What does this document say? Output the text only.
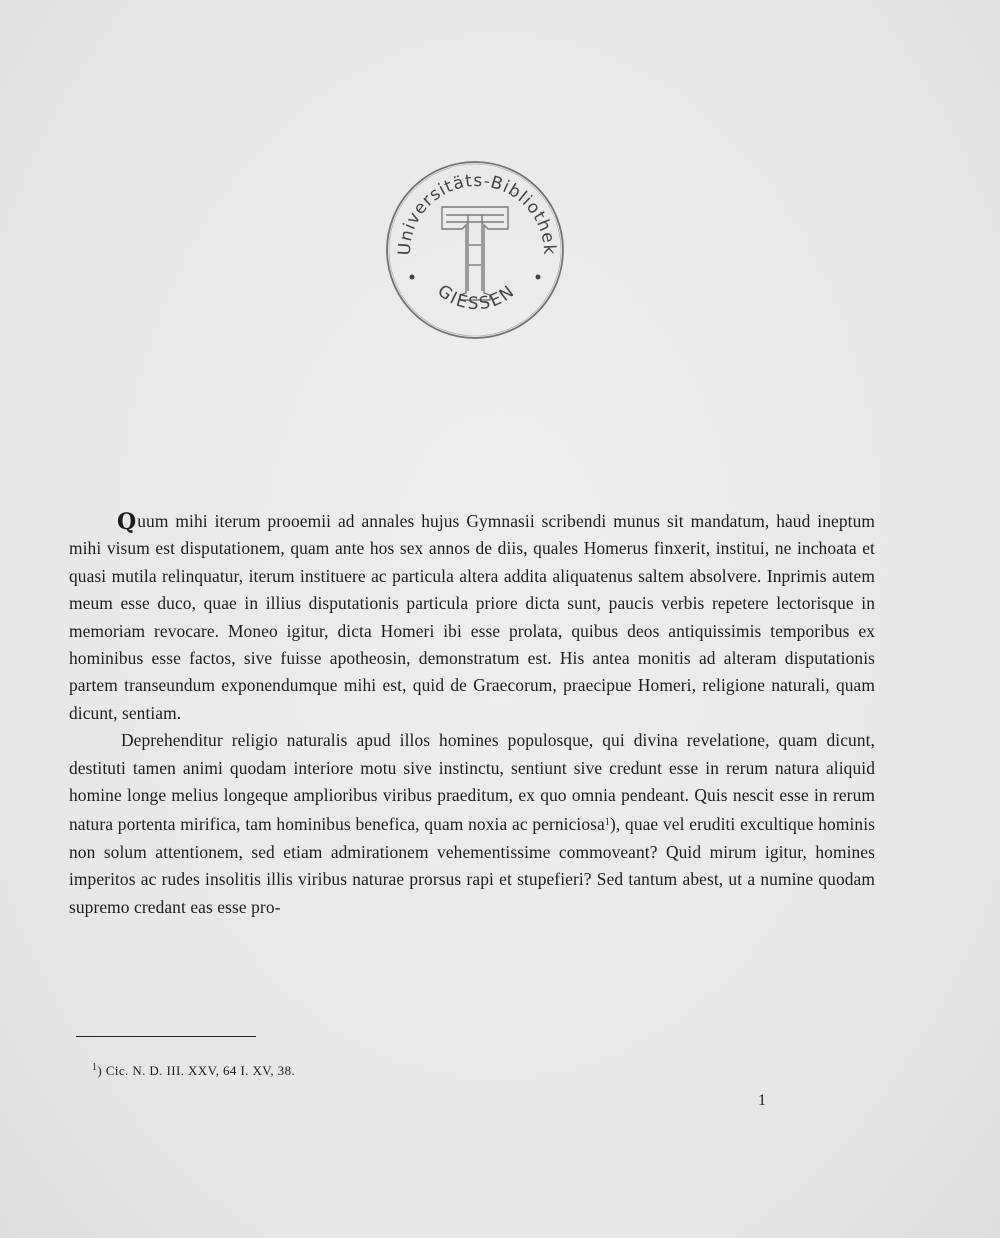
Universitäts-Bibliothek
GIESSEN

Quum mihi iterum prooemii ad annales hujus Gymnasii scribendi munus sit mandatum, haud ineptum mihi visum est disputationem, quam ante hos sex annos de diis, quales Homerus finxerit, institui, ne inchoata et quasi mutila relinquatur, iterum instituere ac particula altera addita aliquatenus saltem absolvere. Inprimis autem meum esse duco, quae in illius disputationis particula priore dicta sunt, paucis verbis repetere lectorisque in memoriam revocare. Moneo igitur, dicta Homeri ibi esse prolata, quibus deos antiquissimis temporibus ex hominibus esse factos, sive fuisse apotheosin, demonstratum est. His antea monitis ad alteram disputationis partem transeundum exponendumque mihi est, quid de Graecorum, praecipue Homeri, religione naturali, quam dicunt, sentiam.

Deprehenditur religio naturalis apud illos homines populosque, qui divina revelatione, quam dicunt, destituti tamen animi quodam interiore motu sive instinctu, sentiunt sive credunt esse in rerum natura aliquid homine longe melius longeque amplioribus viribus praeditum, ex quo omnia pendeant. Quis nescit esse in rerum natura portenta mirifica, tam hominibus benefica, quam noxia ac perniciosa$^1$), quae vel eruditi excultique hominis non solum attentionem, sed etiam admirationem vehementissime commoveant? Quid mirum igitur, homines imperitos ac rudes insolitis illis viribus naturae prorsus rapi et stupefieri? Sed tantum abest, ut a numine quodam supremo credant eas esse pro-

$^1$) Cic. N. D. III. XXV, 64 I. XV, 38.
1
